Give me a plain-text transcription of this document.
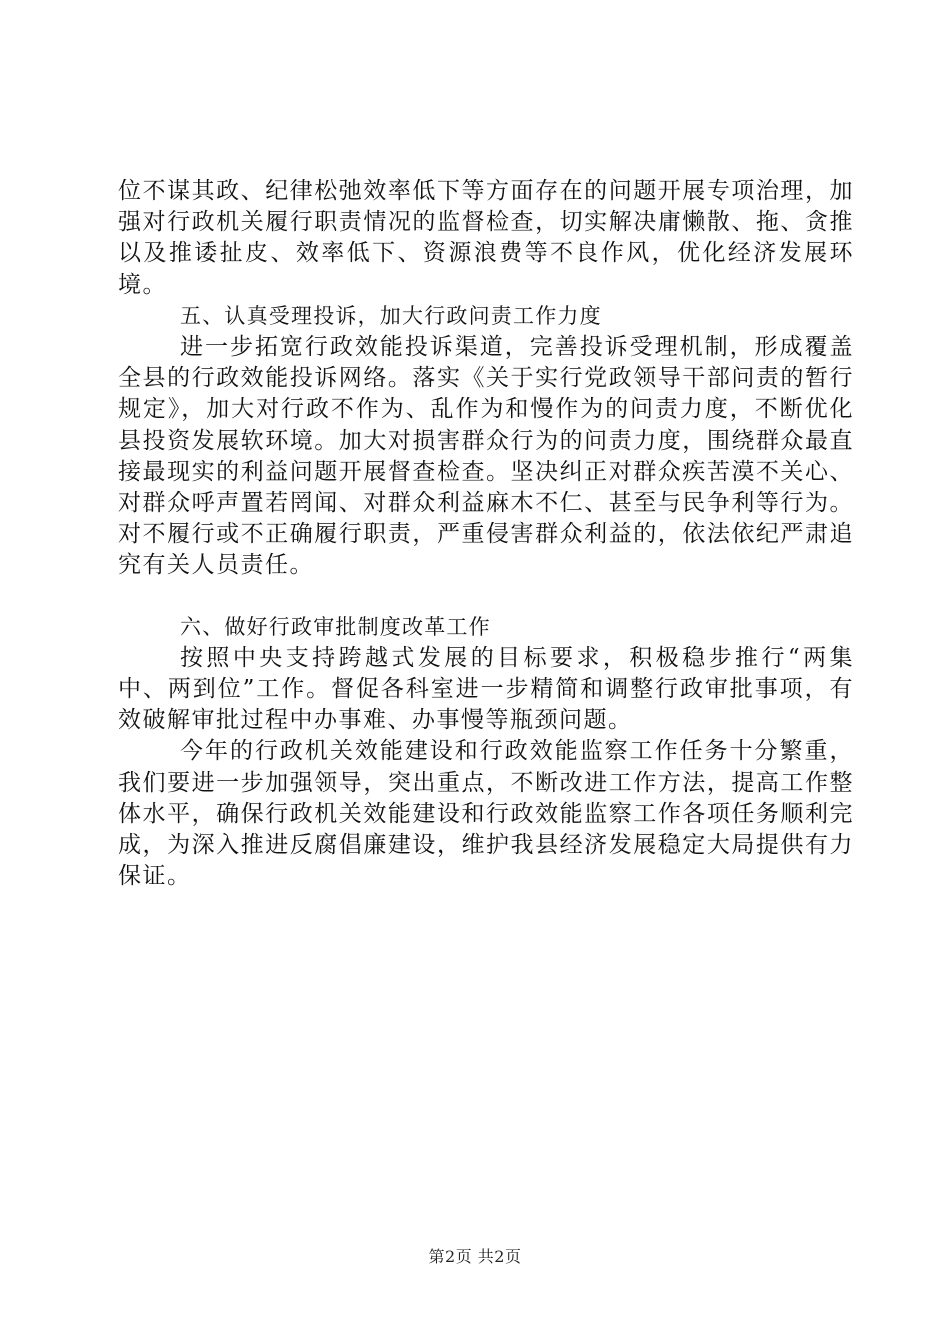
位不谋其政、纪律松弛效率低下等方面存在的问题开展专项治理，加强对行政机关履行职责情况的监督检查，切实解决庸懒散、拖、贪推以及推诿扯皮、效率低下、资源浪费等不良作风，优化经济发展环境。

五、认真受理投诉，加大行政问责工作力度

进一步拓宽行政效能投诉渠道，完善投诉受理机制，形成覆盖全县的行政效能投诉网络。落实《关于实行党政领导干部问责的暂行规定》，加大对行政不作为、乱作为和慢作为的问责力度，不断优化县投资发展软环境。加大对损害群众行为的问责力度，围绕群众最直接最现实的利益问题开展督查检查。坚决纠正对群众疾苦漠不关心、对群众呼声置若罔闻、对群众利益麻木不仁、甚至与民争利等行为。对不履行或不正确履行职责，严重侵害群众利益的，依法依纪严肃追究有关人员责任。

六、做好行政审批制度改革工作

按照中央支持跨越式发展的目标要求，积极稳步推行“两集中、两到位”工作。督促各科室进一步精简和调整行政审批事项，有效破解审批过程中办事难、办事慢等瓶颈问题。

今年的行政机关效能建设和行政效能监察工作任务十分繁重，我们要进一步加强领导，突出重点，不断改进工作方法，提高工作整体水平，确保行政机关效能建设和行政效能监察工作各项任务顺利完成，为深入推进反腐倡廉建设，维护我县经济发展稳定大局提供有力保证。

第2页 共2页
